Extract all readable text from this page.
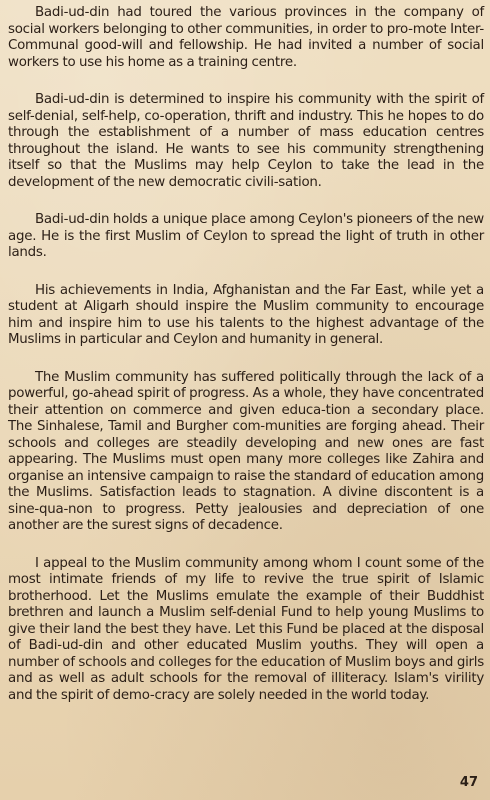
Badi-ud-din had toured the various provinces in the company of social workers belonging to other communities, in order to pro-mote Inter-Communal good-will and fellowship. He had invited a number of social workers to use his home as a training centre.

Badi-ud-din is determined to inspire his community with the spirit of self-denial, self-help, co-operation, thrift and industry. This he hopes to do through the establishment of a number of mass education centres throughout the island. He wants to see his community strengthening itself so that the Muslims may help Ceylon to take the lead in the development of the new democratic civili-sation.

Badi-ud-din holds a unique place among Ceylon's pioneers of the new age. He is the first Muslim of Ceylon to spread the light of truth in other lands.

His achievements in India, Afghanistan and the Far East, while yet a student at Aligarh should inspire the Muslim community to encourage him and inspire him to use his talents to the highest advantage of the Muslims in particular and Ceylon and humanity in general.

The Muslim community has suffered politically through the lack of a powerful, go-ahead spirit of progress. As a whole, they have concentrated their attention on commerce and given educa-tion a secondary place. The Sinhalese, Tamil and Burgher com-munities are forging ahead. Their schools and colleges are steadily developing and new ones are fast appearing. The Muslims must open many more colleges like Zahira and organise an intensive campaign to raise the standard of education among the Muslims. Satisfaction leads to stagnation. A divine discontent is a sine-qua-non to progress. Petty jealousies and depreciation of one another are the surest signs of decadence.

I appeal to the Muslim community among whom I count some of the most intimate friends of my life to revive the true spirit of Islamic brotherhood. Let the Muslims emulate the example of their Buddhist brethren and launch a Muslim self-denial Fund to help young Muslims to give their land the best they have. Let this Fund be placed at the disposal of Badi-ud-din and other educated Muslim youths. They will open a number of schools and colleges for the education of Muslim boys and girls and as well as adult schools for the removal of illiteracy. Islam's virility and the spirit of demo-cracy are solely needed in the world today.

47
